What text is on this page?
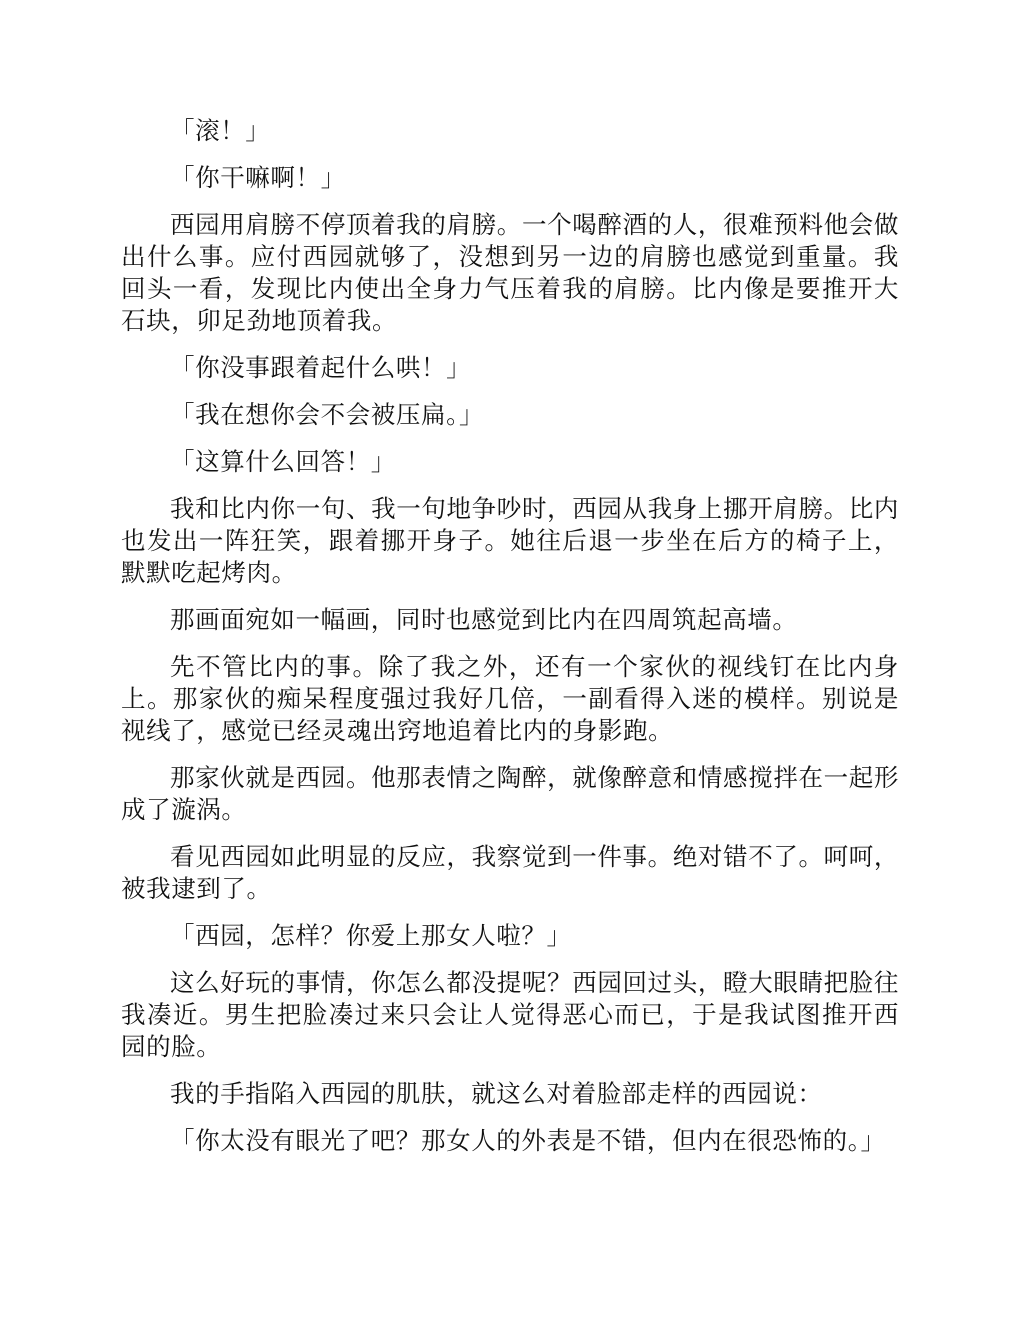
「滚！」

「你干嘛啊！」

西园用肩膀不停顶着我的肩膀。一个喝醉酒的人，很难预料他会做出什么事。应付西园就够了，没想到另一边的肩膀也感觉到重量。我回头一看，发现比内使出全身力气压着我的肩膀。比内像是要推开大石块，卯足劲地顶着我。

「你没事跟着起什么哄！」

「我在想你会不会被压扁。」

「这算什么回答！」

我和比内你一句、我一句地争吵时，西园从我身上挪开肩膀。比内也发出一阵狂笑，跟着挪开身子。她往后退一步坐在后方的椅子上，默默吃起烤肉。

那画面宛如一幅画，同时也感觉到比内在四周筑起高墙。

先不管比内的事。除了我之外，还有一个家伙的视线钉在比内身上。那家伙的痴呆程度强过我好几倍，一副看得入迷的模样。别说是视线了，感觉已经灵魂出窍地追着比内的身影跑。

那家伙就是西园。他那表情之陶醉，就像醉意和情感搅拌在一起形成了漩涡。

看见西园如此明显的反应，我察觉到一件事。绝对错不了。呵呵，被我逮到了。

「西园，怎样？你爱上那女人啦？」

这么好玩的事情，你怎么都没提呢？西园回过头，瞪大眼睛把脸往我凑近。男生把脸凑过来只会让人觉得恶心而已，于是我试图推开西园的脸。

我的手指陷入西园的肌肤，就这么对着脸部走样的西园说：

「你太没有眼光了吧？那女人的外表是不错，但内在很恐怖的。」
